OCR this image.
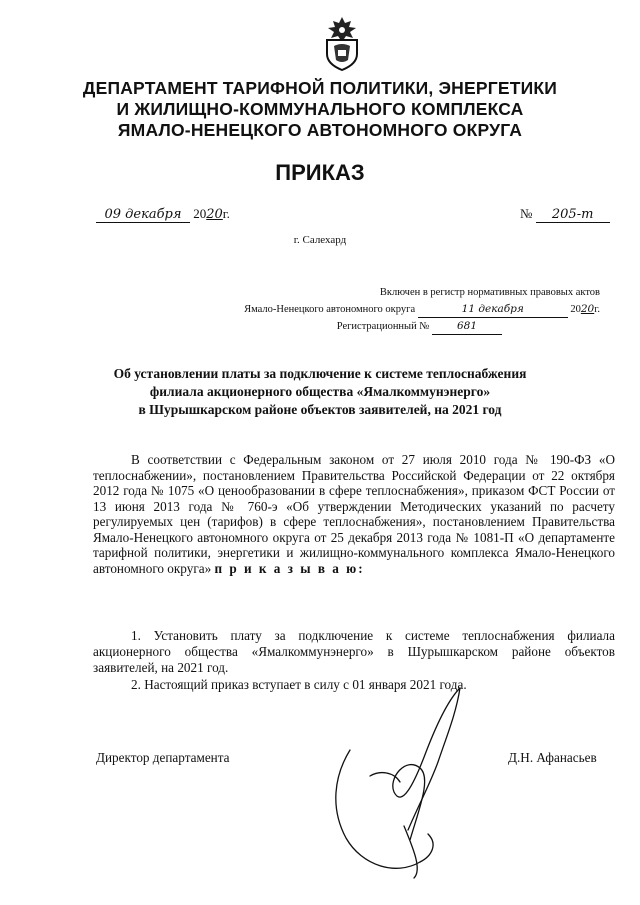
ДЕПАРТАМЕНТ ТАРИФНОЙ ПОЛИТИКИ, ЭНЕРГЕТИКИ
И ЖИЛИЩНО-КОММУНАЛЬНОГО КОМПЛЕКСА
ЯМАЛО-НЕНЕЦКОГО АВТОНОМНОГО ОКРУГА
ПРИКАЗ
09 декабря 2020г.	№ 205-т
г. Салехард
Включен в регистр нормативных правовых актов
Ямало-Ненецкого автономного округа	11 декабря	2020г.
Регистрационный №	681
Об установлении платы за подключение к системе теплоснабжения
филиала акционерного общества «Ямалкоммунэнерго»
в Шурышкарском районе объектов заявителей, на 2021 год

В соответствии с Федеральным законом от 27 июля 2010 года № 190-ФЗ «О теплоснабжении», постановлением Правительства Российской Федерации от 22 октября 2012 года № 1075 «О ценообразовании в сфере теплоснабжения», приказом ФСТ России от 13 июня 2013 года № 760-э «Об утверждении Методических указаний по расчету регулируемых цен (тарифов) в сфере теплоснабжения», постановлением Правительства Ямало-Ненецкого автономного округа от 25 декабря 2013 года № 1081-П «О департаменте тарифной политики, энергетики и жилищно-коммунального комплекса Ямало-Ненецкого автономного округа» п р и к а з ы в а ю:

1. Установить плату за подключение к системе теплоснабжения филиала акционерного общества «Ямалкоммунэнерго» в Шурышкарском районе объектов заявителей, на 2021 год.

2. Настоящий приказ вступает в силу с 01 января 2021 года.

Директор департамента	Д.Н. Афанасьев
